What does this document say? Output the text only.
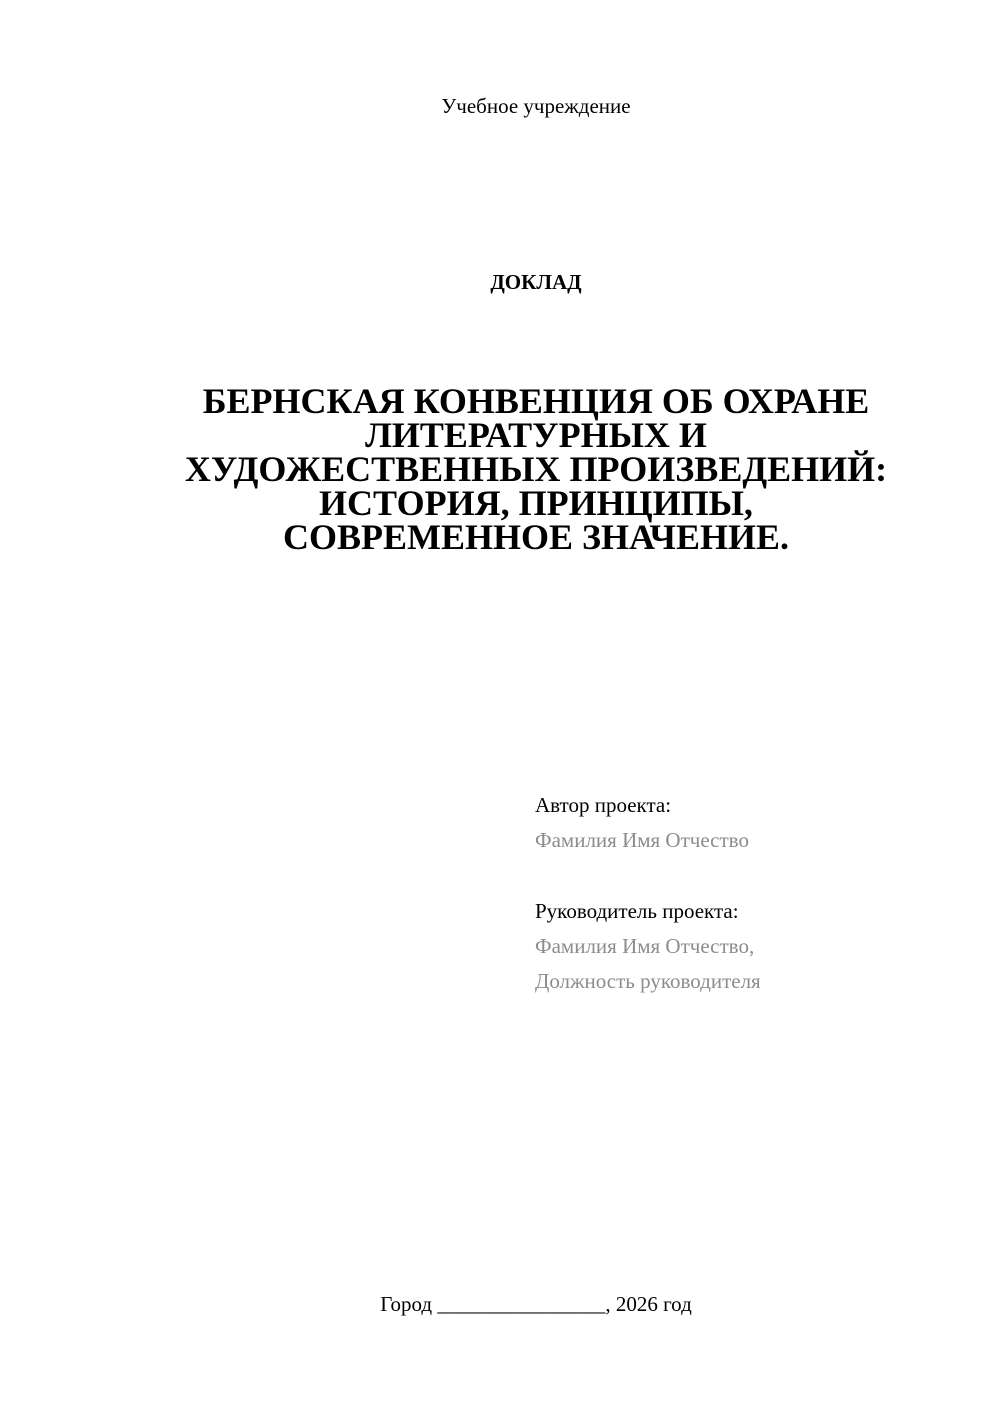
Учебное учреждение
ДОКЛАД
БЕРНСКАЯ КОНВЕНЦИЯ ОБ ОХРАНЕ
ЛИТЕРАТУРНЫХ И
ХУДОЖЕСТВЕННЫХ ПРОИЗВЕДЕНИЙ:
ИСТОРИЯ, ПРИНЦИПЫ,
СОВРЕМЕННОЕ ЗНАЧЕНИЕ.
Автор проекта:
Фамилия Имя Отчество
Руководитель проекта:
Фамилия Имя Отчество,
Должность руководителя
Город ________________, 2026 год
